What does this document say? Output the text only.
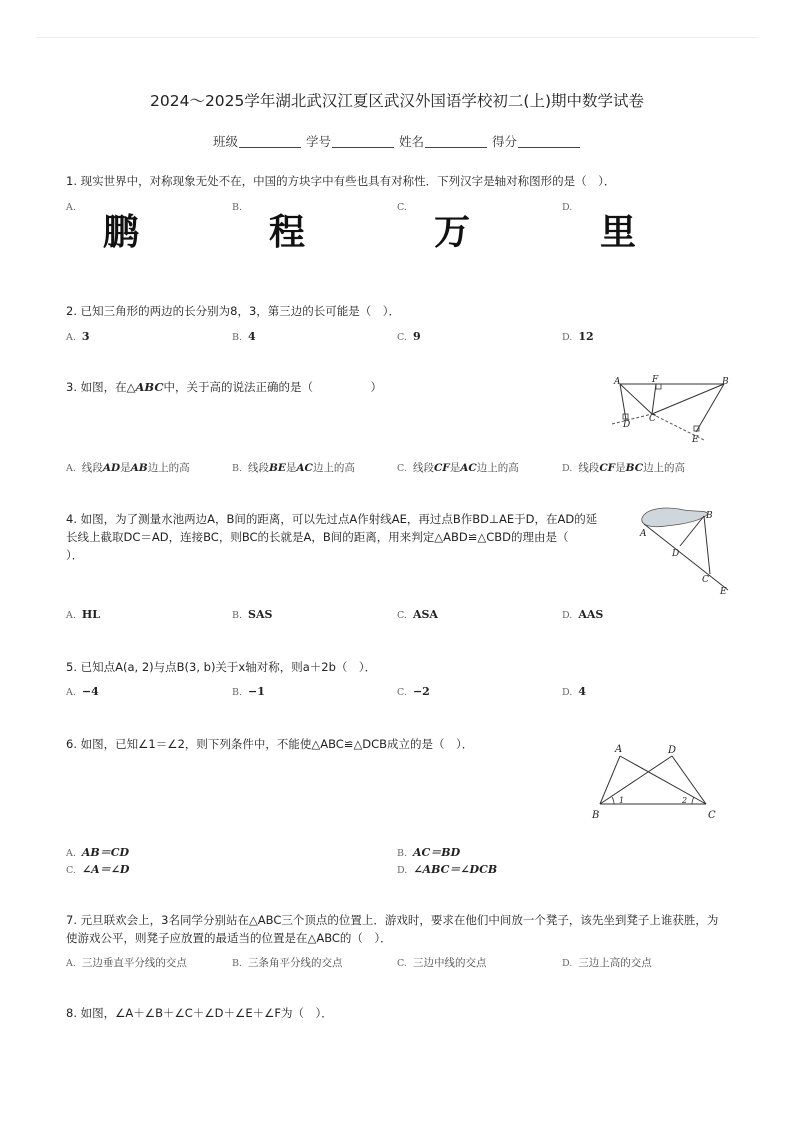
2024～2025学年湖北武汉江夏区武汉外国语学校初二(上)期中数学试卷
班级	学号	姓名	得分
1. 现实世界中，对称现象无处不在，中国的方块字中有些也具有对称性．下列汉字是轴对称图形的是（　）．
A.
鹏
B.
程
C.
万
D.
里
2. 已知三角形的两边的长分别为8，3，第三边的长可能是（　）．
A. 3	B. 4	C. 9	D. 12
3. 如图，在△ABC中，关于高的说法正确的是（　　　　　）	A	F	B
C
D
E
A. 线段AD是AB边上的高	B. 线段BE是AC边上的高	C. 线段CF是AC边上的高	D. 线段CF是BC边上的高
4. 如图，为了测量水池两边A，B间的距离，可以先过点A作射线AE，再过点B作BD⊥AE于D，在AD的延
长线上截取DC＝AD，连接BC，则BC的长就是A，B间的距离，用来判定△ABD≌△CBD的理由是（
）．
B
A
D
C
E
A. HL	B. SAS	C. ASA	D. AAS
5. 已知点A(a, 2)与点B(3, b)关于x轴对称，则a＋2b（　）．
A. −4	B. −1	C. −2	D. 4
6. 如图，已知∠1＝∠2，则下列条件中，不能使△ABC≌△DCB成立的是（　）．	A	D
B	C
1	2
A. AB＝CD	B. AC＝BD
C. ∠A＝∠D	D. ∠ABC＝∠DCB
7. 元旦联欢会上，3名同学分别站在△ABC三个顶点的位置上．游戏时，要求在他们中间放一个凳子，该先坐到凳子上谁获胜，为
使游戏公平，则凳子应放置的最适当的位置是在△ABC的（　）．
A. 三边垂直平分线的交点	B. 三条角平分线的交点	C. 三边中线的交点	D. 三边上高的交点
8. 如图，∠A＋∠B＋∠C＋∠D＋∠E＋∠F为（　）．
